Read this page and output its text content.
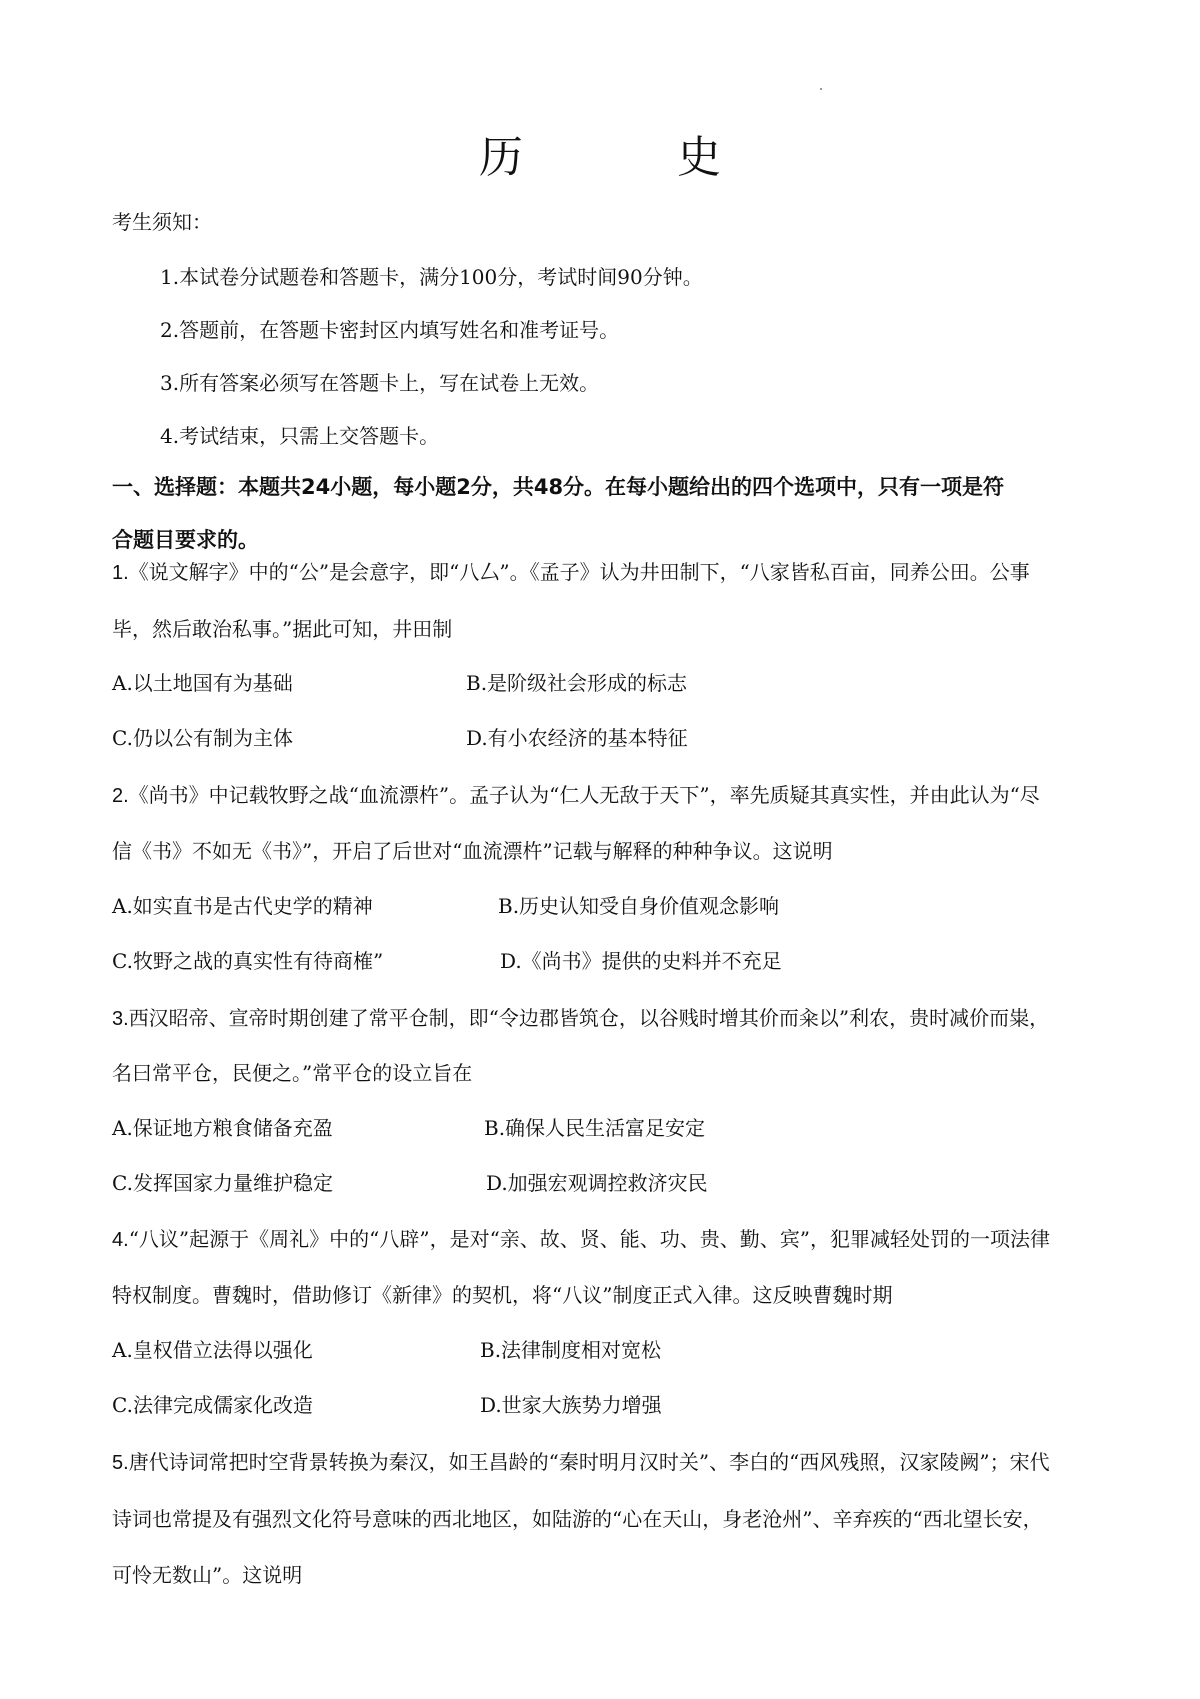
历 史
考生须知：
1.本试卷分试题卷和答题卡，满分100分，考试时间90分钟。
2.答题前，在答题卡密封区内填写姓名和准考证号。
3.所有答案必须写在答题卡上，写在试卷上无效。
4.考试结束，只需上交答题卡。
一、选择题：本题共24小题，每小题2分，共48分。在每小题给出的四个选项中，只有一项是符
合题目要求的。
1.《说文解字》中的“公”是会意字，即“八厶”。《孟子》认为井田制下，“八家皆私百亩，同养公田。公事
毕，然后敢治私事。”据此可知，井田制
A.以土地国有为基础	B.是阶级社会形成的标志
C.仍以公有制为主体	D.有小农经济的基本特征
2.《尚书》中记载牧野之战“血流漂杵”。孟子认为“仁人无敌于天下”，率先质疑其真实性，并由此认为“尽
信《书》不如无《书》”，开启了后世对“血流漂杵”记载与解释的种种争议。这说明
A.如实直书是古代史学的精神	B.历史认知受自身价值观念影响
C.牧野之战的真实性有待商榷”	D.《尚书》提供的史料并不充足
3.西汉昭帝、宣帝时期创建了常平仓制，即“令边郡皆筑仓，以谷贱时增其价而籴以”利农，贵时减价而粜，
名曰常平仓，民便之。”常平仓的设立旨在
A.保证地方粮食储备充盈	B.确保人民生活富足安定
C.发挥国家力量维护稳定	D.加强宏观调控救济灾民
4.“八议”起源于《周礼》中的“八辟”，是对“亲、故、贤、能、功、贵、勤、宾”，犯罪减轻处罚的一项法律
特权制度。曹魏时，借助修订《新律》的契机，将“八议”制度正式入律。这反映曹魏时期
A.皇权借立法得以强化	B.法律制度相对宽松
C.法律完成儒家化改造	D.世家大族势力增强
5.唐代诗词常把时空背景转换为秦汉，如王昌龄的“秦时明月汉时关”、李白的“西风残照，汉家陵阙”；宋代
诗词也常提及有强烈文化符号意味的西北地区，如陆游的“心在天山，身老沧州”、辛弃疾的“西北望长安，
可怜无数山”。这说明
